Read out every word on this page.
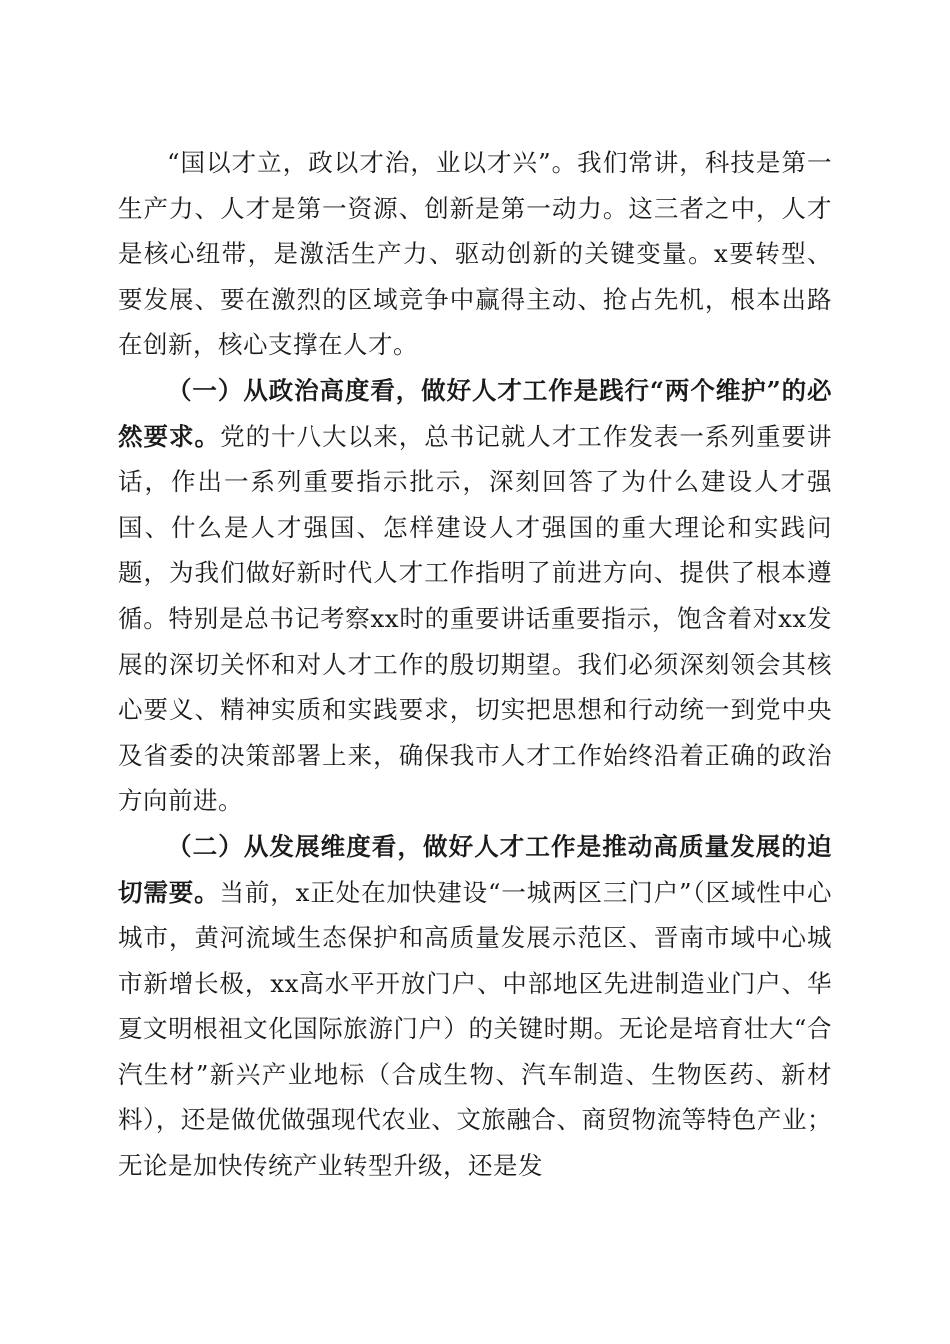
“国以才立，政以才治，业以才兴”。我们常讲，科技是第一生产力、人才是第一资源、创新是第一动力。这三者之中，人才是核心纽带，是激活生产力、驱动创新的关键变量。x要转型、要发展、要在激烈的区域竞争中赢得主动、抢占先机，根本出路在创新，核心支撑在人才。

（一）从政治高度看，做好人才工作是践行“两个维护”的必然要求。党的十八大以来，总书记就人才工作发表一系列重要讲话，作出一系列重要指示批示，深刻回答了为什么建设人才强国、什么是人才强国、怎样建设人才强国的重大理论和实践问题，为我们做好新时代人才工作指明了前进方向、提供了根本遵循。特别是总书记考察xx时的重要讲话重要指示，饱含着对xx发展的深切关怀和对人才工作的殷切期望。我们必须深刻领会其核心要义、精神实质和实践要求，切实把思想和行动统一到党中央及省委的决策部署上来，确保我市人才工作始终沿着正确的政治方向前进。

（二）从发展维度看，做好人才工作是推动高质量发展的迫切需要。当前，x正处在加快建设“一城两区三门户”（区域性中心城市，黄河流域生态保护和高质量发展示范区、晋南市域中心城市新增长极，xx高水平开放门户、中部地区先进制造业门户、华夏文明根祖文化国际旅游门户）的关键时期。无论是培育壮大“合汽生材”新兴产业地标（合成生物、汽车制造、生物医药、新材料），还是做优做强现代农业、文旅融合、商贸物流等特色产业；无论是加快传统产业转型升级，还是发
